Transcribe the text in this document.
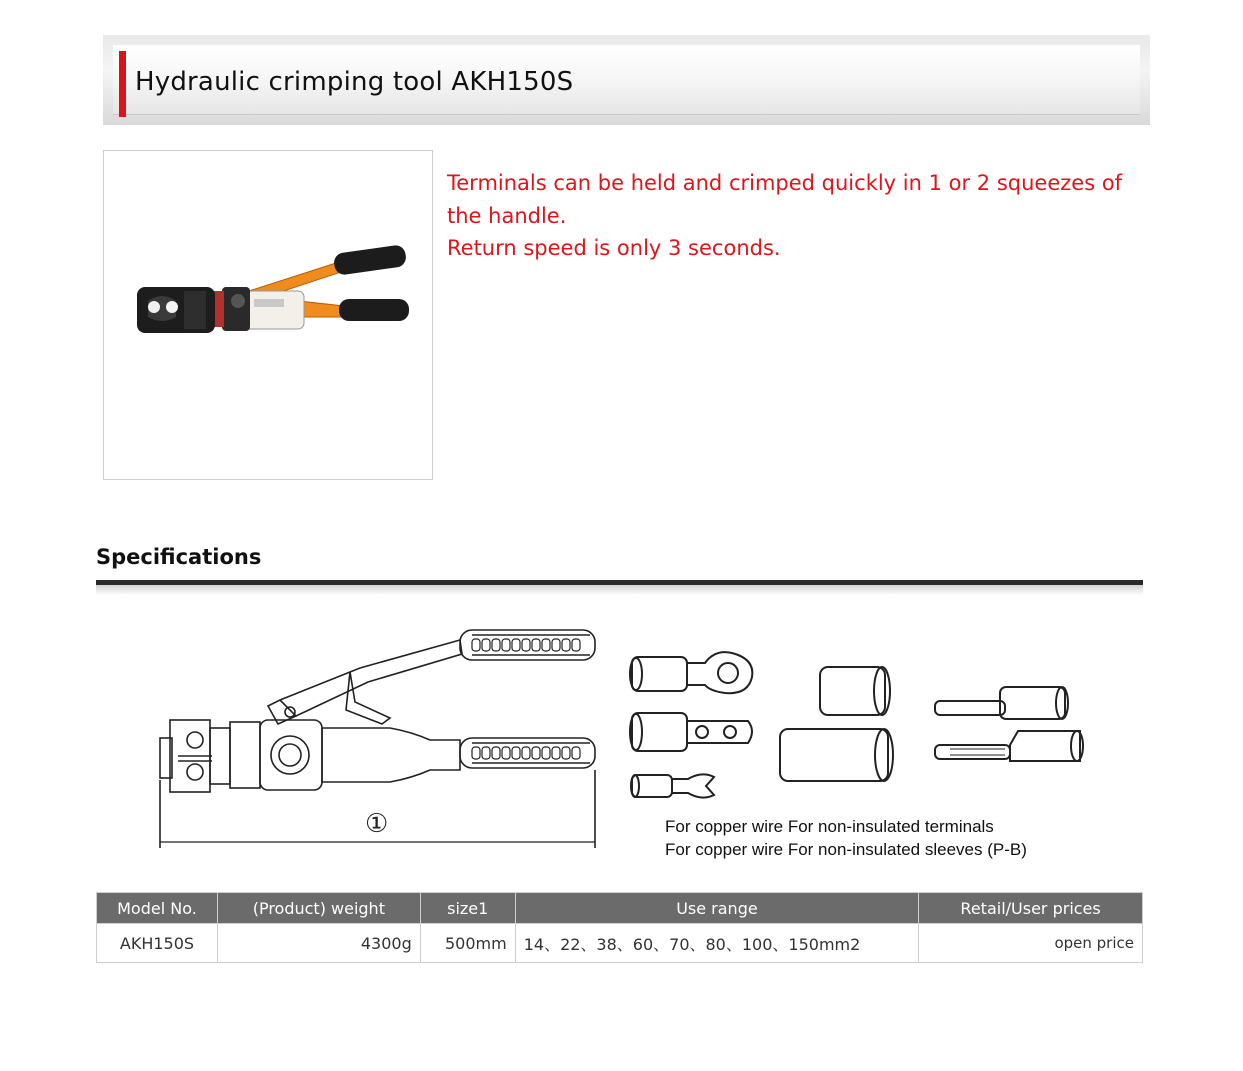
Hydraulic crimping tool AKH150S

Terminals can be held and crimped quickly in 1 or 2 squeezes of the handle.

Return speed is only 3 seconds.

Specifications
①	For copper wire For non-insulated terminals
For copper wire For non-insulated sleeves (P-B)
Model No.	(Product) weight	size1	Use range	Retail/User prices
AKH150S	4300g	500mm	14、22、38、60、70、80、100、150mm2	open price
